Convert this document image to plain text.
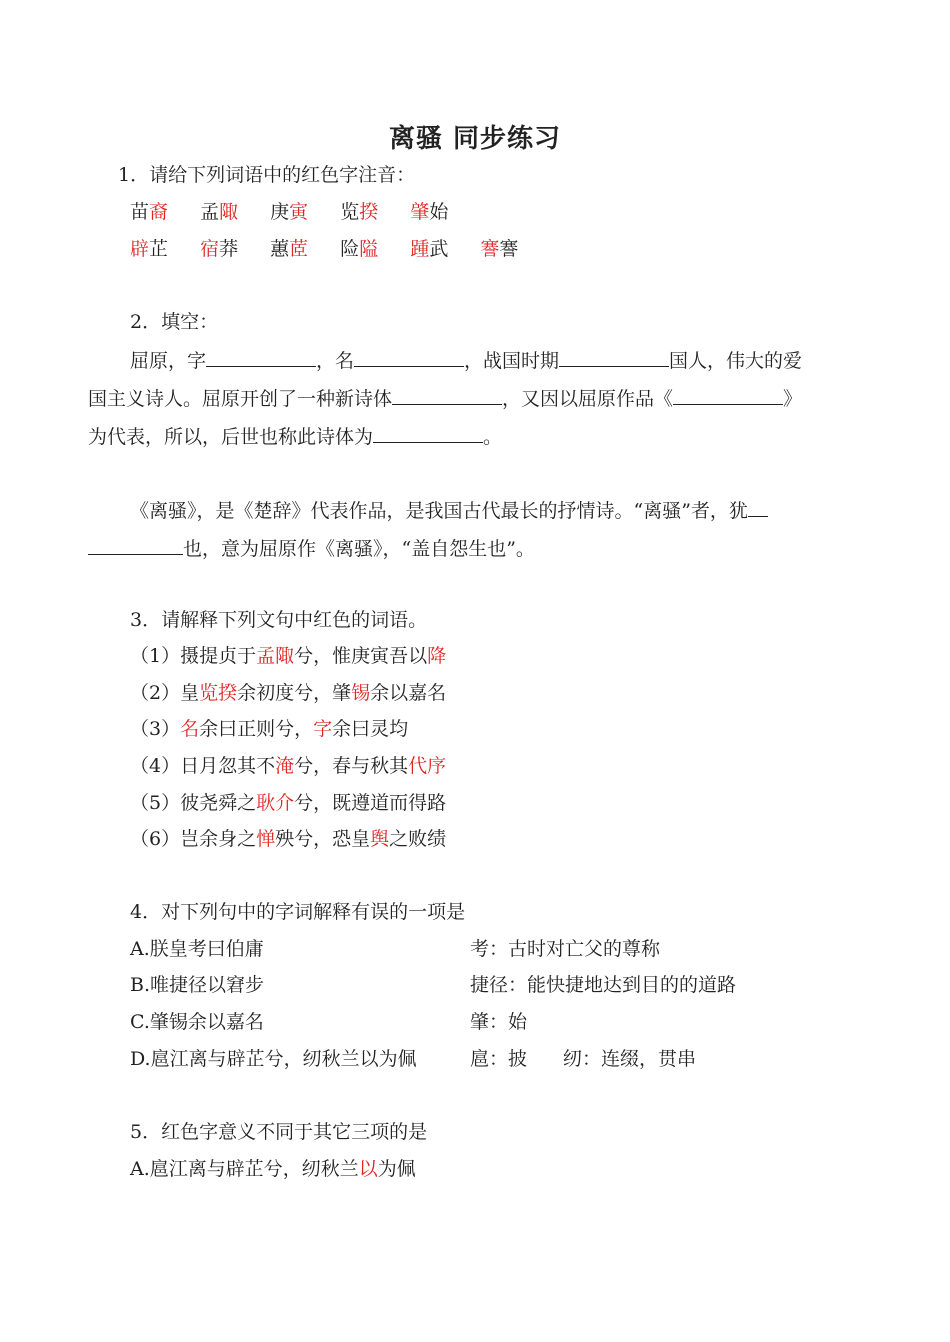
离骚 同步练习
1．请给下列词语中的红色字注音：
苗裔 孟陬 庚寅 览揆 肇始
辟芷 宿莽 蕙茝 险隘 踵武 謇謇
2．填空：
屈原，字	，名	，战国时期	国人，伟大的爱
国主义诗人。屈原开创了一种新诗体	，又因以屈原作品《	》
为代表，所以，后世也称此诗体为	。
《离骚》，是《楚辞》代表作品，是我国古代最长的抒情诗。“离骚”者，犹
也，意为屈原作《离骚》，“盖自怨生也”。
3．请解释下列文句中红色的词语。
（1）摄提贞于孟陬兮，惟庚寅吾以降
（2）皇览揆余初度兮，肇锡余以嘉名
（3）名余曰正则兮，字余曰灵均
（4）日月忽其不淹兮，春与秋其代序
（5）彼尧舜之耿介兮，既遵道而得路
（6）岂余身之惮殃兮，恐皇舆之败绩
4．对下列句中的字词解释有误的一项是
A.朕皇考曰伯庸	考：古时对亡父的尊称
B.唯捷径以窘步	捷径：能快捷地达到目的的道路
C.肇锡余以嘉名	肇：始
D.扈江离与辟芷兮，纫秋兰以为佩	扈：披 纫：连缀，贯串
5．红色字意义不同于其它三项的是
A.扈江离与辟芷兮，纫秋兰以为佩
